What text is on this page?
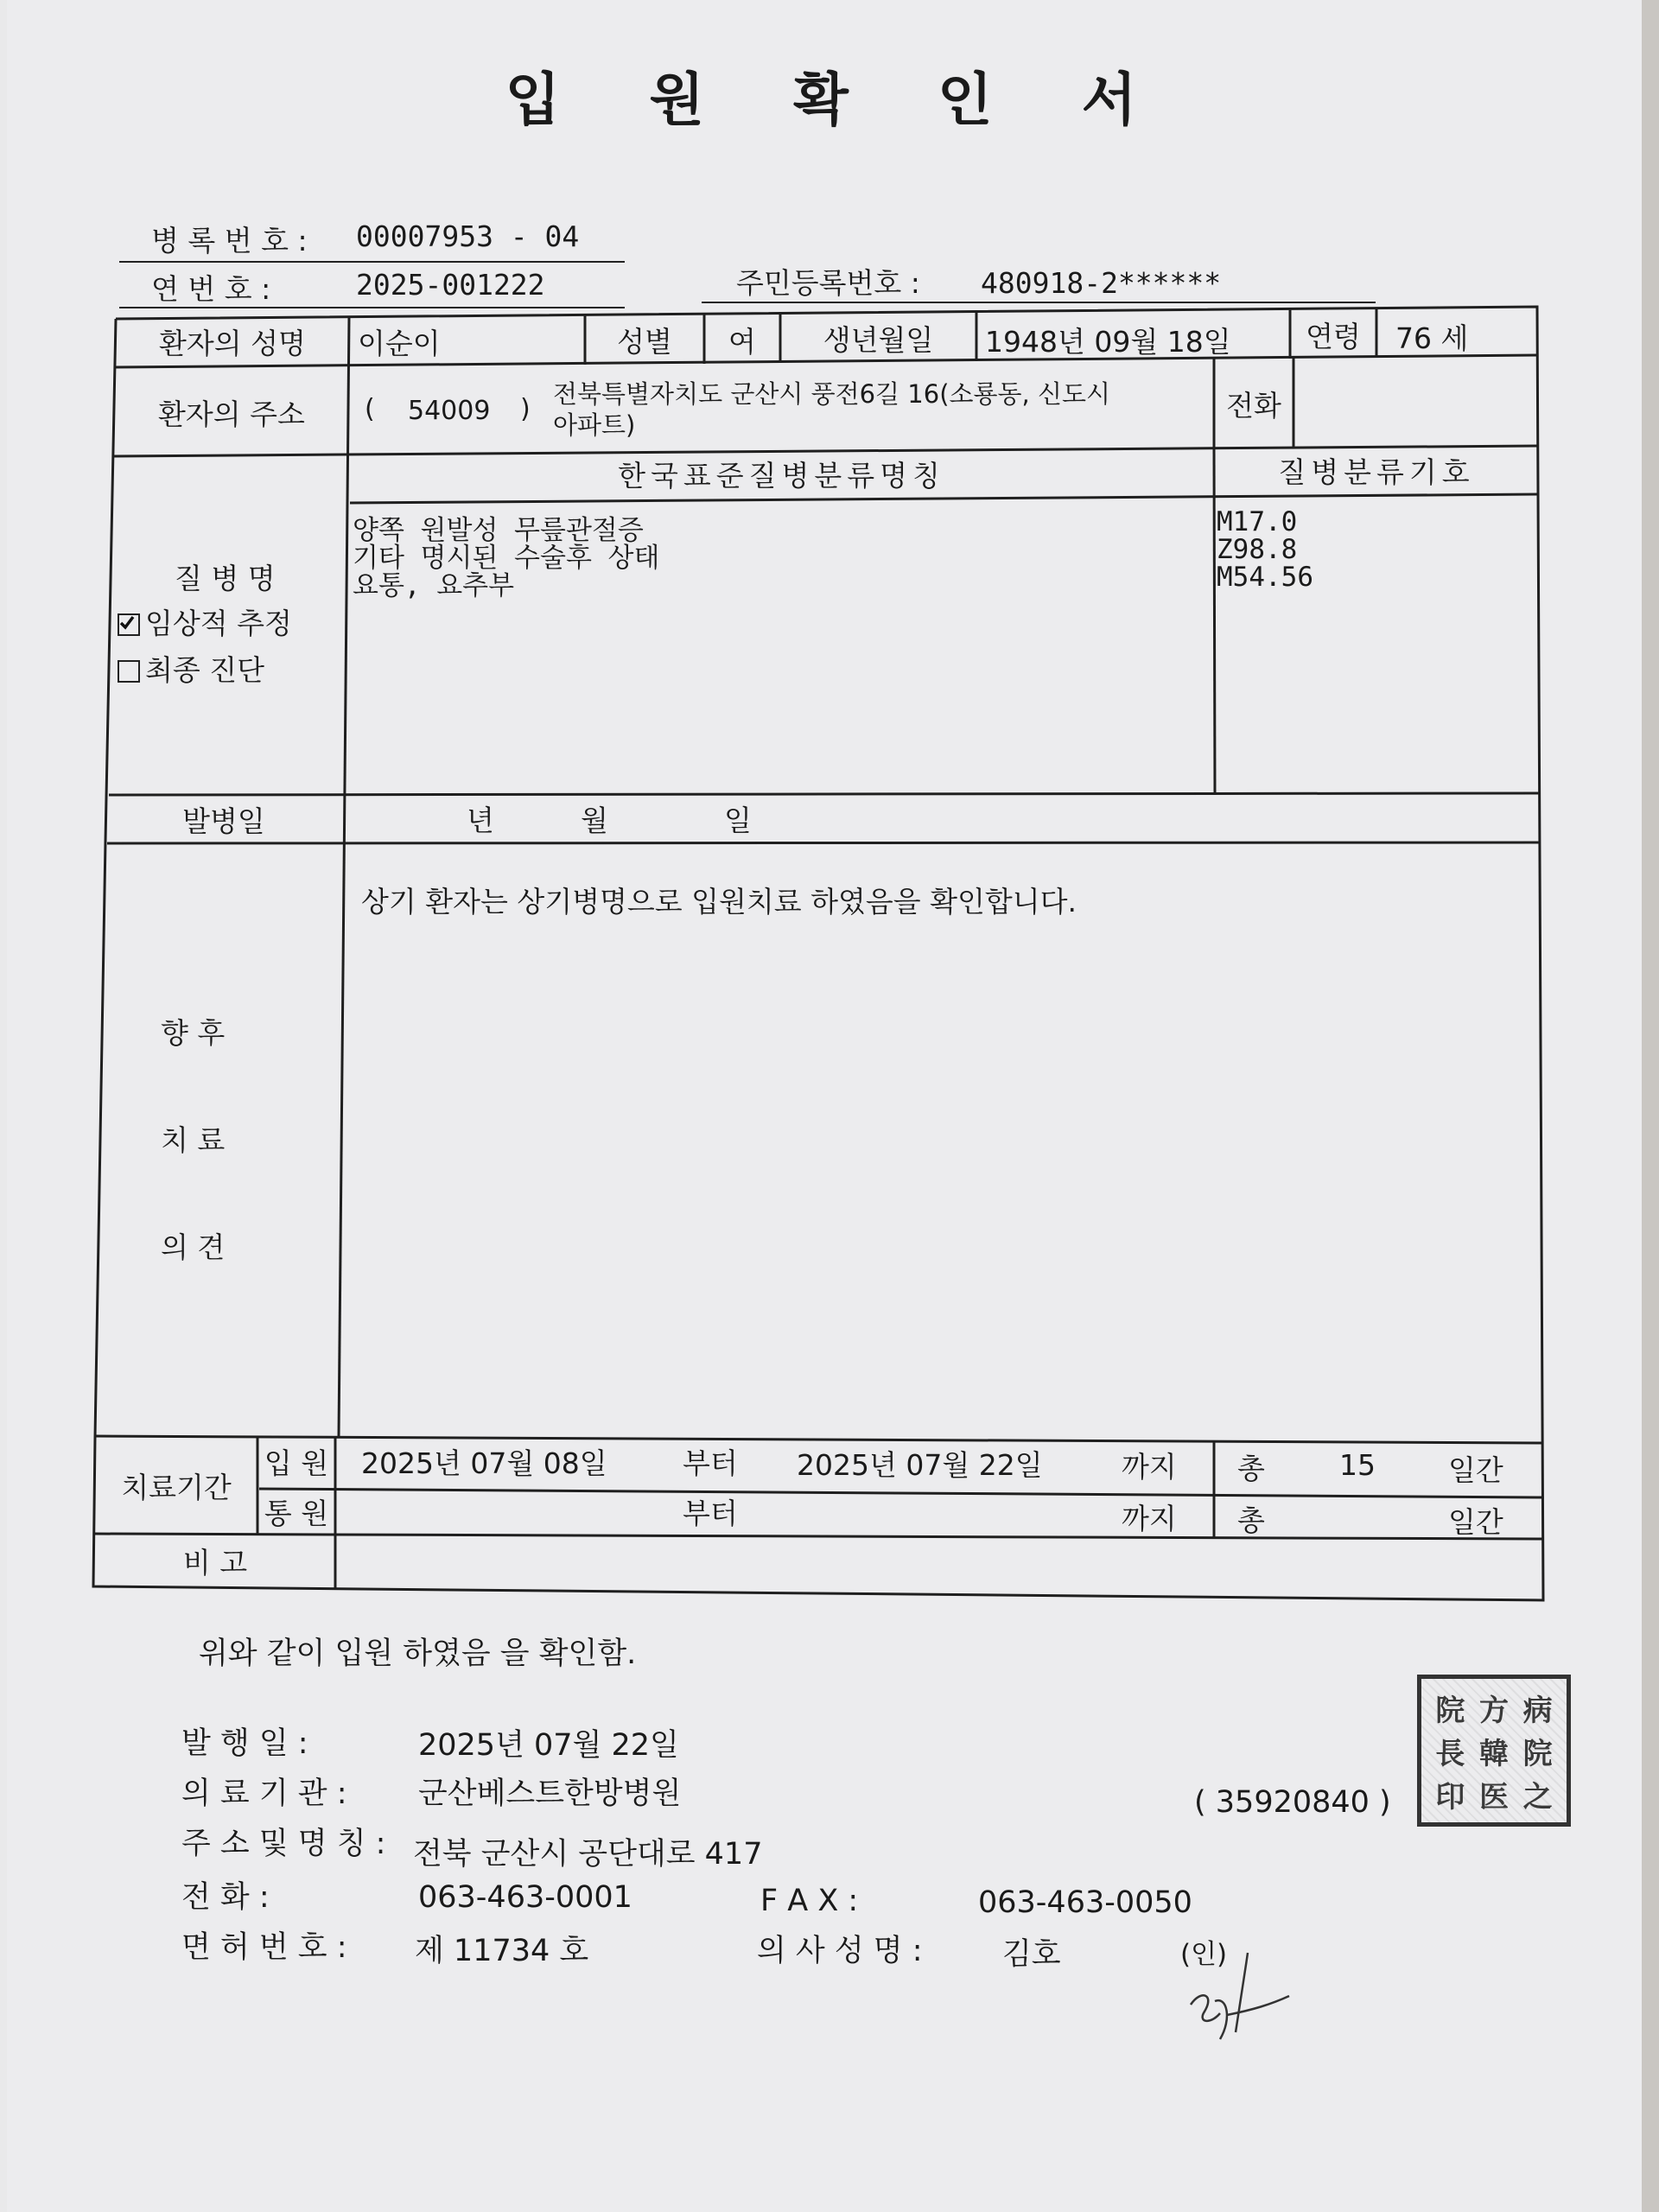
입 원 확 인 서
병 록 번 호 : 00007953 - 04
연 번 호 :	2025-001222	주민등록번호 : 480918-2******
환자의 성명	이순이	성별	여	생년월일	1948년 09월 18일	연령	76 세
환자의 주소	( 54009 ) 전북특별자치도 군산시 풍전6길 16(소룡동, 신도시
아파트)
전화
한국표준질병분류명칭	질병분류기호
질 병 명
임상적 추정
최종 진단
양쪽 원발성 무릎관절증
기타 명시된 수술후 상태
요통, 요추부
M17.0
Z98.8
M54.56
발병일	년	월	일
향 후
치 료
의 견
상기 환자는 상기병명으로 입원치료 하였음을 확인합니다.
치료기간
입 원 2025년 07월 08일	부터 2025년 07월 22일	까지 총	15	일간
통 원	부터	까지 총	일간
비 고
위와 같이 입원 하였음 을 확인함.
발 행 일 :	2025년 07월 22일
의 료 기 관 : 군산베스트한방병원	( 35920840 )
주 소 및 명 칭 : 전북 군산시 공단대로 417
전 화 :	063-463-0001	F A X :	063-463-0050
면 허 번 호 : 제 11734 호	의 사 성 명 :	김호	(인)
院 方 病
長 韓 院
印 医 之
